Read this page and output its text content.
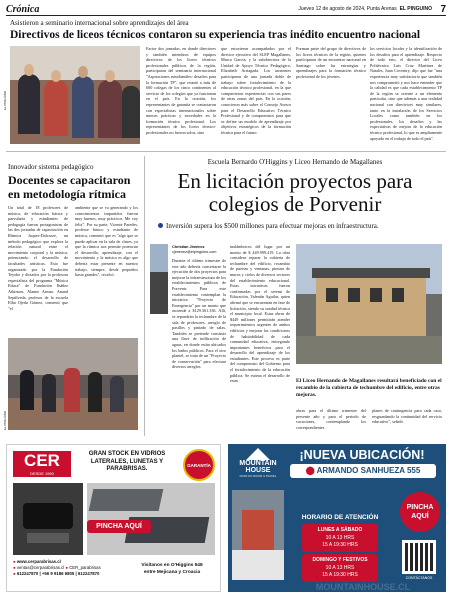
Crónica	Jueves 12 de agosto de 2024, Punta Arenas EL PINGUINO 7
Asistieron a seminario internacional sobre aprendizajes del área
Directivos de liceos técnicos contaron su experiencia tras inédito encuentro nacional
EL PINGÜINO
Factor dos jornadas, en donde directores y también miembros de equipos directivos de los liceos técnicos profesionales públicos de la región, participaron del seminario internacional "Aspiraciones estudiantiles: desafíos para la formación TP", que reunió a más de 600 colegas de los cinco continentes al servicio de los colegios que ya funcionan en el país. En la ocasión, los representantes de garantía se contactaron con especialistas internacionales sobre nuevas prácticas y novedades en la formación técnico profesional. Los representantes de los liceos técnico-profesionales no fueron solos, sino
que estuvieron acompañados por el director ejecutivo del SLEP Magallanes, Marco García, y la subdirectora de la Unidad de Apoyo Técnico Pedagógico, Elizabeth Arriagada. Los asistentes participaron de una jornada doble de trabajo sobre fortalecimiento de la educación técnico profesional, en la que compartieron experiencias con sus pares de otras zonas del país. En la ocasión, conocieron más sobre el Consejo Asesor para el Desarrollo Educativo Técnico Profesional y de compromisos para que se define un modelo de aprendizaje por objetivos estratégicos de la formación técnica para el futuro.
los servicios locales y la identificación de los desafíos para el aprendizaje. Respecto de todo esto, el director del Liceo Politécnico Luis Cruz Martínez de Natales, Juan Coventry, dijo que fue "una experiencia muy satisfactoria que también nos comprometió y nos hace entender que la calidad es que cada establecimiento TP de la región se oriente a un elemento particular, sino que además a una realidad nacional con directrices muy similares, tanto en la instalación de los Servicios Locales como también en los profesionales, los desafíos y las expectativas de mejora de la educación técnico profesional, lo que es ampliamente apoyado en el trabajo de todo el país".
Forman parte del grupo de directivos de los liceos técnicos de la región, quienes participaron de un encuentro nacional en Santiago sobre las estrategias y aprendizajes para la formación técnico profesional de los jóvenes.
Innovador sistema pedagógico
Docentes se capacitaron en metodología rítmica
Un total de 18 profesores de música, de educación básica y parvularia y estudiantes de pedagogía fueron protagonistas de las dos jornadas de capacitación en Rítmica Jaques-Dalcroze, un método pedagógico que explora la relación natural entre el movimiento corporal y la música, potenciando el desarrollo de facultades artísticas. Esto fue organizado por la Fundación Teyoke y dictados por la profesora especialista del programa "Música Educa" de Fundación Ibáñez Atkinson, Alanne Armas. Anand Sepúlveda, profesor de la escuela Elba Ojeda Gómez, comentó que "el
ambiente que se va generando y los conocimientos impartidos fueron muy buenos, muy prácticos. Me voy feliz". Por su parte, Vicente Paredes, profesor básico y estudiante de música, comentó que es "algo que se puede aplicar en la sala de clases, ya que la rítmica nos permite potenciar el desarrollo, aprendizaje, con el movimiento y la música es algo que debería estar presente en nuestro trabajo, siempre, desde pequeños hasta grandes", recalcó.
EL PINGÜINO
Escuela Bernardo O'Higgins y Liceo Hernando de Magallanes
En licitación proyectos para colegios de Porvenir
Inversión supera los $500 millones para efectuar mejoras en infraestructura.
Christian Jiménez
cjimenez@elpinguino.com
Durante el último trimestre de este año debería concretarse la ejecución de dos proyectos para mejorar la infraestructura de los establecimientos públicos de Porvenir. Para este establecimiento contemplan la iniciativa "Proyecto de Emergencia" por un monto que asciende a $129.361.336. Allí, se repondrán la techumbre de la sala de profesores, arreglo de pasillos y pintado de salas. También se pretende construir una llave de infiltración de aguas, en donde están ubicados los baños públicos. Para el otro plantel, se trata de un "Proyecto de conservación" para efectuar diversos arreglos
inalámbricos del lugar por un monto de $ 449.999.419. La obra considera reparar la cubierta de techumbre del edificio, recambio de puertas y ventanas, pintura de muros y cielos de diversos sectores del establecimiento educacional. Estas iniciativas fueron confirmadas por el seremi de Educación, Valentín Aguilar, quien afirmó que se encuentran en fase de licitación, siendo su unidad técnica el municipio local. Estas obras de $449 millones permitirán atender requerimientos urgentes de ambos edificios y mejorar las condiciones de habitabilidad de cada comunidad educativa, entregando importantes beneficios para el desarrollo del aprendizaje de los estudiantes. Este proceso es parte del compromiso del Gobierno para el fortalecimiento de la educación pública. Se estima el desarrollo de estas	El Liceo Hernando de Magallanes resultará beneficiado con el recambio de la cubierta de techumbre del edificio, entre otras mejoras.
obras para el último trimestre del presente año y para el periodo de vacaciones, contemplando los correspondientes
planes de contingencia para cada caso, resguardando la continuidad del servicio educativo", señaló.
CER
DESDE 1990
GRAN STOCK EN VIDRIOS
LATERALES, LUNETAS Y
PARABRISAS.
GARANTÍA
PINCHA AQUÍ
● www.cerparabrisas.cl
● ventas@cerparabrisas.cl ● CER_parabrisas
● 612247870 | +56 9 9186 6805 | 612247870
Visítanos en O'Higgins 548
entre Mejicana y Croacia
¡NUEVA UBICACIÓN!
⬤ ARMANDO SANHUEZA 555
MOUNTAIN
HOUSE
ROPA OUTDOOR & TRAVEL
HORARIO DE ATENCIÓN
LUNES A SÁBADO
10 A 13 HRS
15 A 19:30 HRS
DOMINGO Y FESTIVOS
10 A 13 HRS
15 A 19:30 HRS
PINCHA
AQUÍ
CONTÁCTANOS
MOUNTAINHOUSE.CL
